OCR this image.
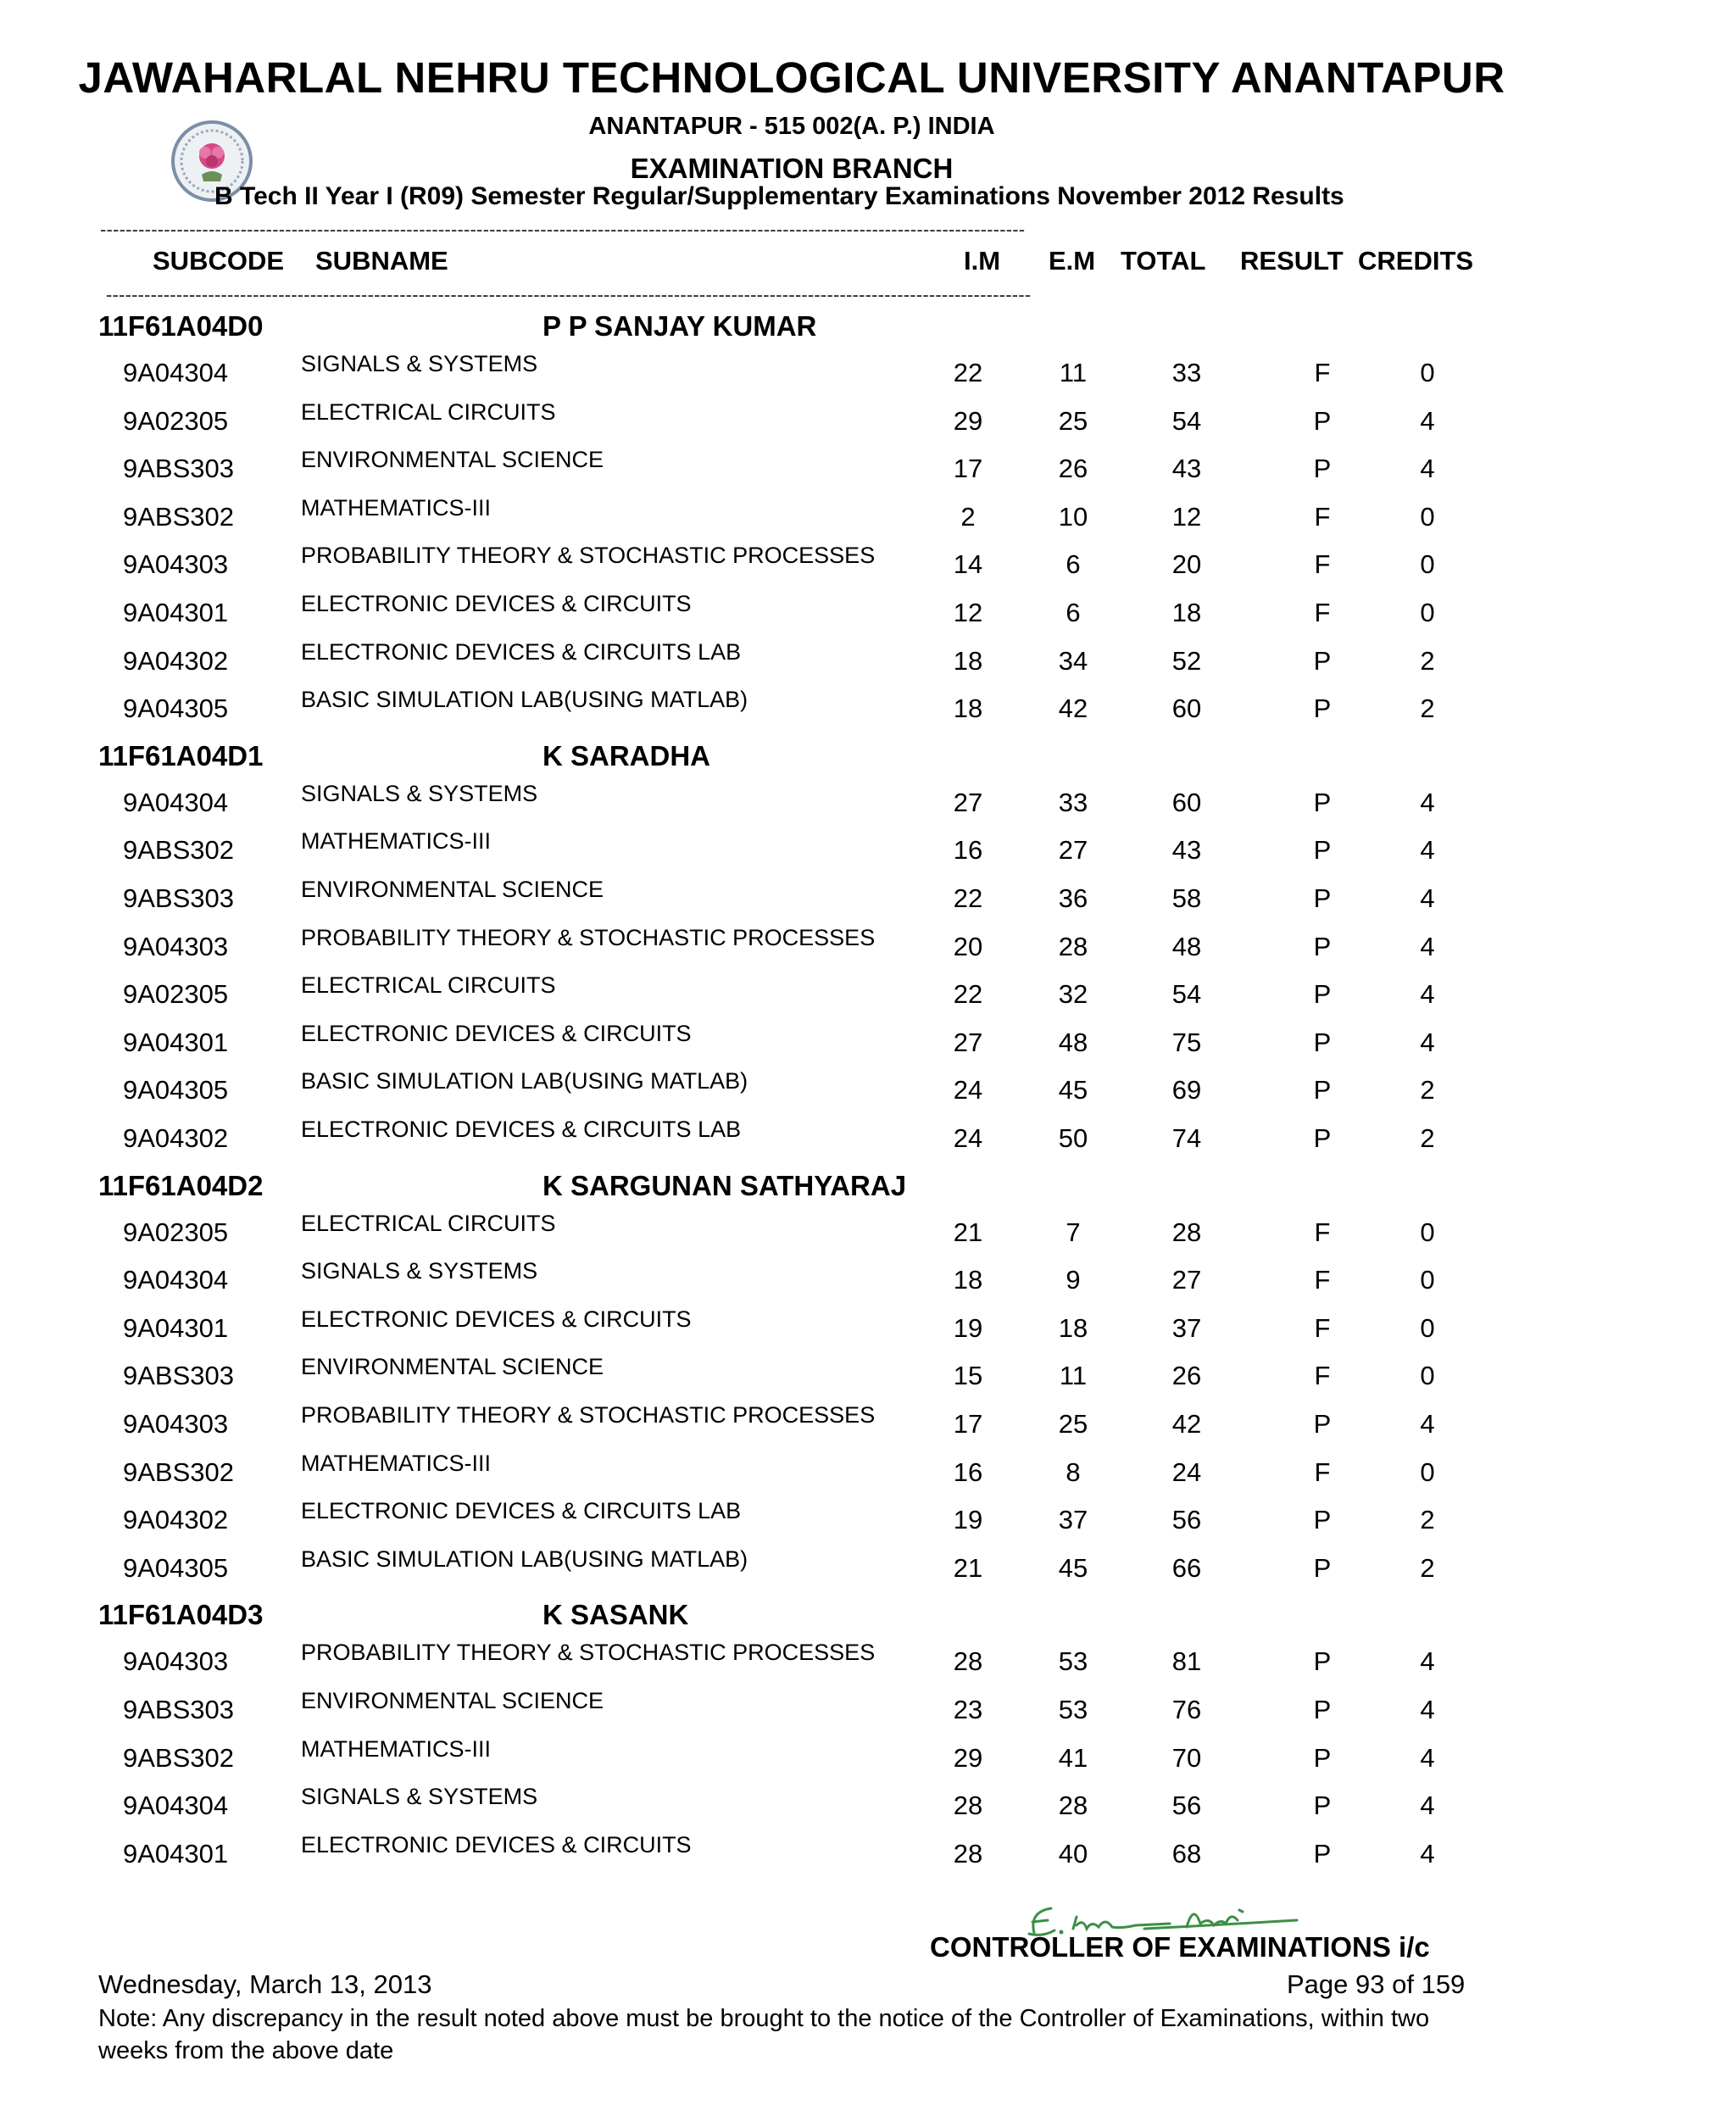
JAWAHARLAL NEHRU TECHNOLOGICAL UNIVERSITY ANANTAPUR
ANANTAPUR - 515 002(A. P.) INDIA
EXAMINATION BRANCH
B Tech II Year I (R09) Semester Regular/Supplementary Examinations November 2012 Results
-------------------------------------------------------------------------------------------------------------------------------------------------
SUBCODE SUBNAME	I.M E.M TOTAL RESULT CREDITS
-------------------------------------------------------------------------------------------------------------------------------------------------
11F61A04D0	P P SANJAY KUMAR
9A04304	SIGNALS & SYSTEMS	22	11	33	F	0
9A02305	ELECTRICAL CIRCUITS	29	25	54	P	4
9ABS303	ENVIRONMENTAL SCIENCE	17	26	43	P	4
9ABS302	MATHEMATICS-III	2	10	12	F	0
9A04303	PROBABILITY THEORY & STOCHASTIC PROCESSES	14	6	20	F	0
9A04301	ELECTRONIC DEVICES & CIRCUITS	12	6	18	F	0
9A04302	ELECTRONIC DEVICES & CIRCUITS LAB	18	34	52	P	2
9A04305	BASIC SIMULATION LAB(USING MATLAB)	18	42	60	P	2
11F61A04D1	K SARADHA
9A04304	SIGNALS & SYSTEMS	27	33	60	P	4
9ABS302	MATHEMATICS-III	16	27	43	P	4
9ABS303	ENVIRONMENTAL SCIENCE	22	36	58	P	4
9A04303	PROBABILITY THEORY & STOCHASTIC PROCESSES	20	28	48	P	4
9A02305	ELECTRICAL CIRCUITS	22	32	54	P	4
9A04301	ELECTRONIC DEVICES & CIRCUITS	27	48	75	P	4
9A04305	BASIC SIMULATION LAB(USING MATLAB)	24	45	69	P	2
9A04302	ELECTRONIC DEVICES & CIRCUITS LAB	24	50	74	P	2
11F61A04D2	K SARGUNAN SATHYARAJ
9A02305	ELECTRICAL CIRCUITS	21	7	28	F	0
9A04304	SIGNALS & SYSTEMS	18	9	27	F	0
9A04301	ELECTRONIC DEVICES & CIRCUITS	19	18	37	F	0
9ABS303	ENVIRONMENTAL SCIENCE	15	11	26	F	0
9A04303	PROBABILITY THEORY & STOCHASTIC PROCESSES	17	25	42	P	4
9ABS302	MATHEMATICS-III	16	8	24	F	0
9A04302	ELECTRONIC DEVICES & CIRCUITS LAB	19	37	56	P	2
9A04305	BASIC SIMULATION LAB(USING MATLAB)	21	45	66	P	2
11F61A04D3	K SASANK
9A04303	PROBABILITY THEORY & STOCHASTIC PROCESSES	28	53	81	P	4
9ABS303	ENVIRONMENTAL SCIENCE	23	53	76	P	4
9ABS302	MATHEMATICS-III	29	41	70	P	4
9A04304	SIGNALS & SYSTEMS	28	28	56	P	4
9A04301	ELECTRONIC DEVICES & CIRCUITS	28	40	68	P	4
CONTROLLER OF EXAMINATIONS i/c
Wednesday, March 13, 2013	Page 93 of 159
Note: Any discrepancy in the result noted above must be brought to the notice of the Controller of Examinations, within two weeks from the above date
